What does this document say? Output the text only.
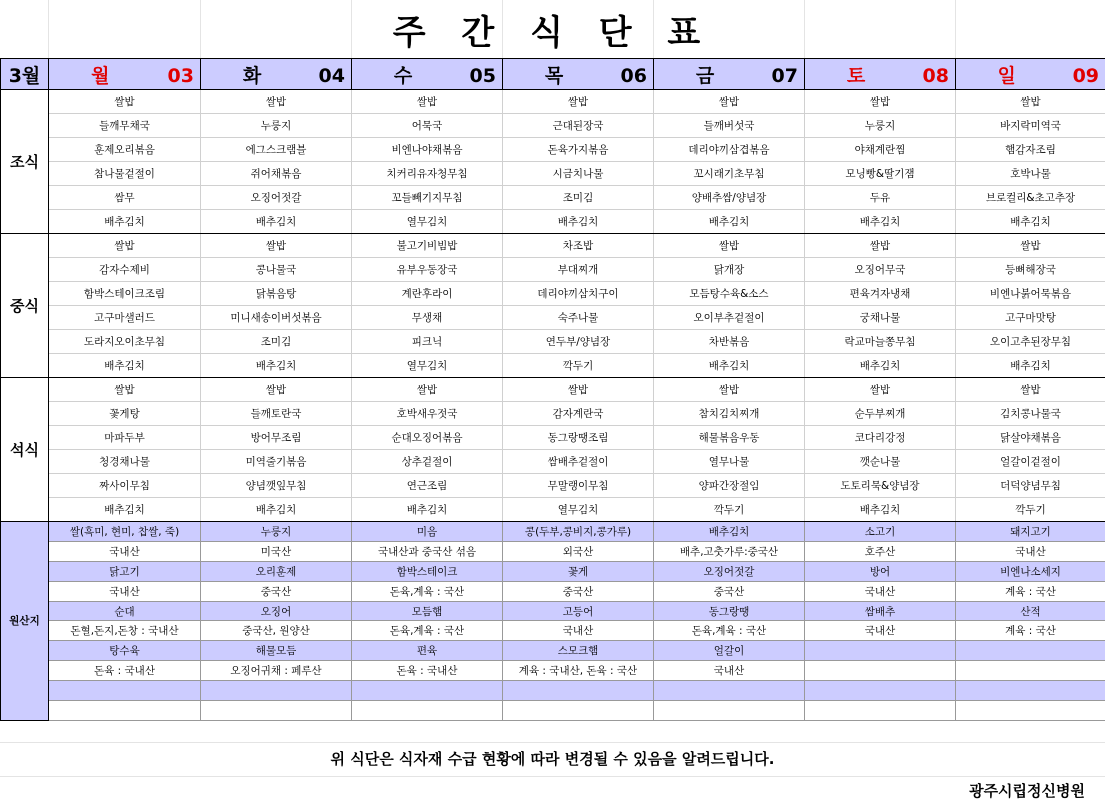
주 간 식 단 표
3월	월 03	화 04	수 05	목 06	금 07	토 08	일 09
조식	쌀밥	쌀밥	쌀밥	쌀밥	쌀밥	쌀밥	쌀밥
	들깨무채국	누룽지	어묵국	근대된장국	들깨버섯국	누룽지	바지락미역국
	훈제오리볶음	에그스크램블	비엔나야채볶음	돈육가지볶음	데리야끼삼겹볶음	야채계란찜	햄감자조림
	참나물겉절이	쥐어채볶음	치커리유자청무침	시금치나물	꼬시래기초무침	모닝빵&딸기잼	호박나물
	쌈무	오징어젓갈	꼬들빼기지무침	조미김	양배추쌈/양념장	두유	브로컬리&초고추장
	배추김치	배추김치	열무김치	배추김치	배추김치	배추김치	배추김치
중식	쌀밥	쌀밥	불고기비빔밥	차조밥	쌀밥	쌀밥	쌀밥
	감자수제비	콩나물국	유부우동장국	부대찌개	닭개장	오징어무국	등뼈해장국
	함박스테이크조림	닭볶음탕	계란후라이	데리야끼삼치구이	모듬탕수육&소스	편육겨자냉채	비엔나붉어묵볶음
	고구마샐러드	미니새송이버섯볶음	무생채	숙주나물	오이부추겉절이	궁채나물	고구마맛탕
	도라지오이초무침	조미김	피크닉	연두부/양념장	차반볶음	락교마늘쫑무침	오이고추된장무침
	배추김치	배추김치	열무김치	깍두기	배추김치	배추김치	배추김치
석식	쌀밥	쌀밥	쌀밥	쌀밥	쌀밥	쌀밥	쌀밥
	꽃게탕	들깨토란국	호박새우젓국	감자계란국	참치김치찌개	순두부찌개	김치콩나물국
	마파두부	방어무조림	순대오징어볶음	동그랑땡조림	해물볶음우동	코다리강정	닭살야채볶음
	청경채나물	미역줄기볶음	상추겉절이	쌈배추겉절이	열무나물	깻순나물	얼갈이겉절이
	짜사이무침	양념깻잎무침	연근조림	무말랭이무침	양파간장절임	도토리묵&양념장	더덕양념무침
	배추김치	배추김치	배추김치	열무김치	깍두기	배추김치	깍두기
원산지	쌀(흑미, 현미, 찹쌀, 죽)	누룽지	미음	콩(두부,콩비지,콩가루)	배추김치	소고기	돼지고기
	국내산	미국산	국내산과 중국산 섞음	외국산	배추,고춧가루:중국산	호주산	국내산
	닭고기	오리훈제	함박스테이크	꽃게	오징어젓갈	방어	비엔나소세지
	국내산	중국산	돈육,계육 : 국산	중국산	중국산	국내산	계육 : 국산
	순대	오징어	모듬햄	고등어	동그랑땡	쌈배추	산적
	돈혈,돈지,돈창 : 국내산	중국산, 원양산	돈육,계육 : 국산	국내산	돈육,계육 : 국산	국내산	계육 : 국산
	탕수육	해물모듬	편육	스모크햄	얼갈이		
	돈육 : 국내산	오징어귀채 : 페루산	돈육 : 국내산	계육 : 국내산, 돈육 : 국산	국내산		

위 식단은 식자재 수급 현황에 따라 변경될 수 있음을 알려드립니다.
광주시립정신병원
